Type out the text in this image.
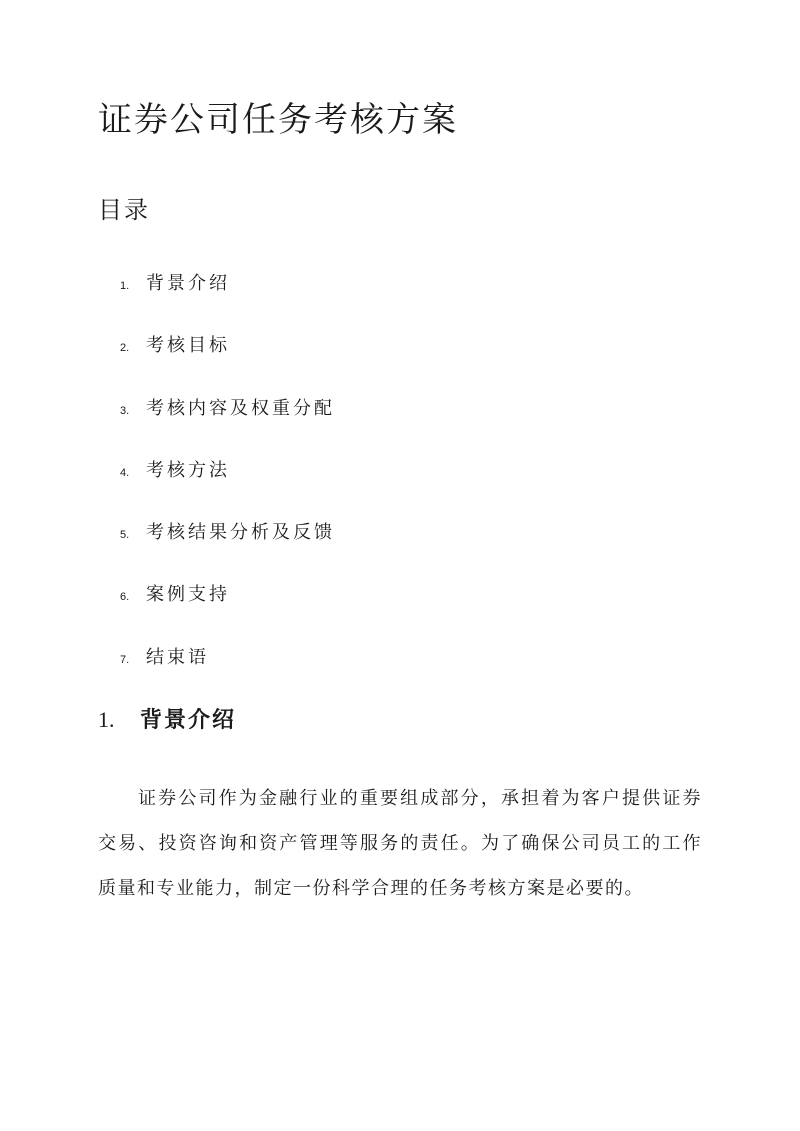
证券公司任务考核方案
目录
1. 背景介绍
2. 考核目标
3. 考核内容及权重分配
4. 考核方法
5. 考核结果分析及反馈
6. 案例支持
7. 结束语
1. 背景介绍

证券公司作为金融行业的重要组成部分，承担着为客户提供证券交易、投资咨询和资产管理等服务的责任。为了确保公司员工的工作质量和专业能力，制定一份科学合理的任务考核方案是必要的。
